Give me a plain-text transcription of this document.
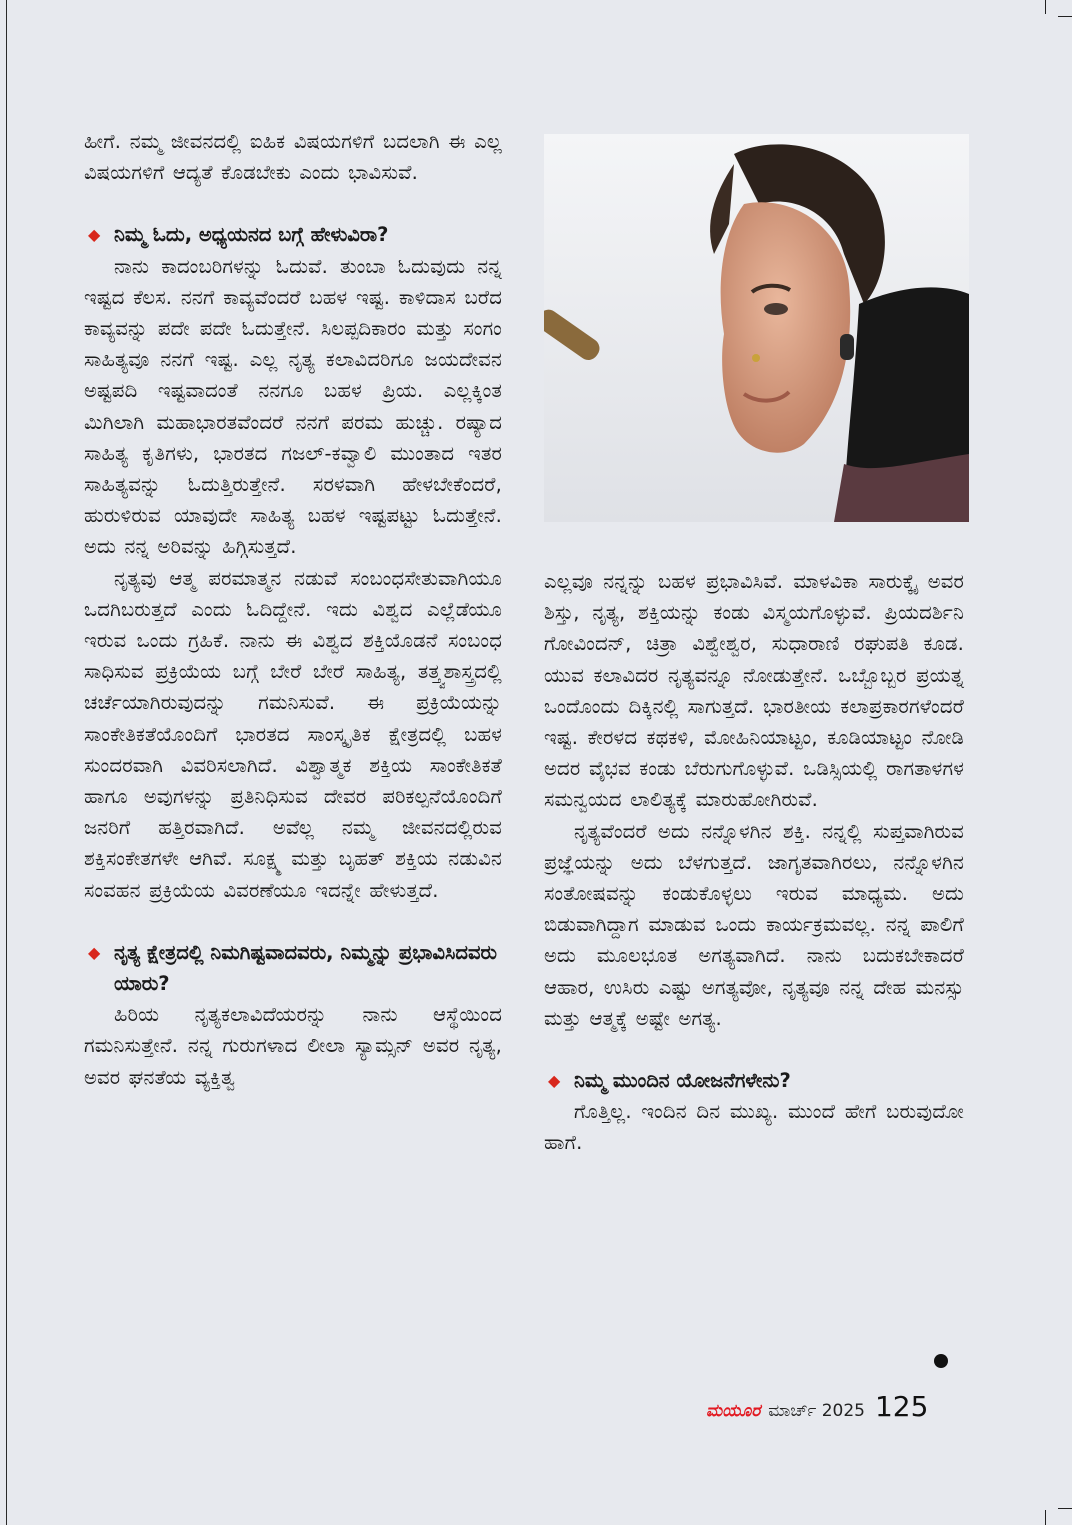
ಹೀಗೆ. ನಮ್ಮ ಜೀವನದಲ್ಲಿ ಐಹಿಕ ವಿಷಯಗಳಿಗೆ ಬದಲಾಗಿ ಈ ಎಲ್ಲ ವಿಷಯಗಳಿಗೆ ಆದ್ಯತೆ ಕೊಡಬೇಕು ಎಂದು ಭಾವಿಸುವೆ.

◆ ನಿಮ್ಮ ಓದು, ಅಧ್ಯಯನದ ಬಗ್ಗೆ ಹೇಳುವಿರಾ?

ನಾನು ಕಾದಂಬರಿಗಳನ್ನು ಓದುವೆ. ತುಂಬಾ ಓದುವುದು ನನ್ನ ಇಷ್ಟದ ಕೆಲಸ. ನನಗೆ ಕಾವ್ಯವೆಂದರೆ ಬಹಳ ಇಷ್ಟ. ಕಾಳಿದಾಸ ಬರೆದ ಕಾವ್ಯವನ್ನು ಪದೇ ಪದೇ ಓದುತ್ತೇನೆ. ಸಿಲಪ್ಪದಿಕಾರಂ ಮತ್ತು ಸಂಗಂ ಸಾಹಿತ್ಯವೂ ನನಗೆ ಇಷ್ಟ. ಎಲ್ಲ ನೃತ್ಯ ಕಲಾವಿದರಿಗೂ ಜಯದೇವನ ಅಷ್ಟಪದಿ ಇಷ್ಟವಾದಂತೆ ನನಗೂ ಬಹಳ ಪ್ರಿಯ. ಎಲ್ಲಕ್ಕಿಂತ ಮಿಗಿಲಾಗಿ ಮಹಾಭಾರತವೆಂದರೆ ನನಗೆ ಪರಮ ಹುಚ್ಚು. ರಷ್ಯಾದ ಸಾಹಿತ್ಯ ಕೃತಿಗಳು, ಭಾರತದ ಗಜಲ್‌-ಕವ್ವಾಲಿ ಮುಂತಾದ ಇತರ ಸಾಹಿತ್ಯವನ್ನು ಓದುತ್ತಿರುತ್ತೇನೆ. ಸರಳವಾಗಿ ಹೇಳಬೇಕೆಂದರೆ, ಹುರುಳಿರುವ ಯಾವುದೇ ಸಾಹಿತ್ಯ ಬಹಳ ಇಷ್ಟಪಟ್ಟು ಓದುತ್ತೇನೆ. ಅದು ನನ್ನ ಅರಿವನ್ನು ಹಿಗ್ಗಿಸುತ್ತದೆ.

ನೃತ್ಯವು ಆತ್ಮ ಪರಮಾತ್ಮನ ನಡುವೆ ಸಂಬಂಧಸೇತುವಾಗಿಯೂ ಒದಗಿಬರುತ್ತದೆ ಎಂದು ಓದಿದ್ದೇನೆ. ಇದು ವಿಶ್ವದ ಎಲ್ಲೆಡೆಯೂ ಇರುವ ಒಂದು ಗ್ರಹಿಕೆ. ನಾನು ಈ ವಿಶ್ವದ ಶಕ್ತಿಯೊಡನೆ ಸಂಬಂಧ ಸಾಧಿಸುವ ಪ್ರಕ್ರಿಯೆಯ ಬಗ್ಗೆ ಬೇರೆ ಬೇರೆ ಸಾಹಿತ್ಯ, ತತ್ತ್ವಶಾಸ್ತ್ರದಲ್ಲಿ ಚರ್ಚೆಯಾಗಿರುವುದನ್ನು ಗಮನಿಸುವೆ. ಈ ಪ್ರಕ್ರಿಯೆಯನ್ನು ಸಾಂಕೇತಿಕತೆಯೊಂದಿಗೆ ಭಾರತದ ಸಾಂಸ್ಕೃತಿಕ ಕ್ಷೇತ್ರದಲ್ಲಿ ಬಹಳ ಸುಂದರವಾಗಿ ವಿವರಿಸಲಾಗಿದೆ. ವಿಶ್ವಾತ್ಮಕ ಶಕ್ತಿಯ ಸಾಂಕೇತಿಕತೆ ಹಾಗೂ ಅವುಗಳನ್ನು ಪ್ರತಿನಿಧಿಸುವ ದೇವರ ಪರಿಕಲ್ಪನೆಯೊಂದಿಗೆ ಜನರಿಗೆ ಹತ್ತಿರವಾಗಿದೆ. ಅವೆಲ್ಲ ನಮ್ಮ ಜೀವನದಲ್ಲಿರುವ ಶಕ್ತಿಸಂಕೇತಗಳೇ ಆಗಿವೆ. ಸೂಕ್ಷ್ಮ ಮತ್ತು ಬೃಹತ್‌ ಶಕ್ತಿಯ ನಡುವಿನ ಸಂವಹನ ಪ್ರಕ್ರಿಯೆಯ ವಿವರಣೆಯೂ ಇದನ್ನೇ ಹೇಳುತ್ತದೆ.

◆ ನೃತ್ಯ ಕ್ಷೇತ್ರದಲ್ಲಿ ನಿಮಗಿಷ್ಟವಾದವರು, ನಿಮ್ಮನ್ನು ಪ್ರಭಾವಿಸಿದವರು ಯಾರು?

ಹಿರಿಯ ನೃತ್ಯಕಲಾವಿದೆಯರನ್ನು ನಾನು ಆಸ್ಥೆಯಿಂದ ಗಮನಿಸುತ್ತೇನೆ. ನನ್ನ ಗುರುಗಳಾದ ಲೀಲಾ ಸ್ಯಾಮ್ಸನ್‌ ಅವರ ನೃತ್ಯ, ಅವರ ಘನತೆಯ ವ್ಯಕ್ತಿತ್ವ

ಎಲ್ಲವೂ ನನ್ನನ್ನು ಬಹಳ ಪ್ರಭಾವಿಸಿವೆ. ಮಾಳವಿಕಾ ಸಾರುಕ್ಕೈ ಅವರ ಶಿಸ್ತು, ನೃತ್ಯ, ಶಕ್ತಿಯನ್ನು ಕಂಡು ವಿಸ್ಮಯಗೊಳ್ಳುವೆ. ಪ್ರಿಯದರ್ಶಿನಿ ಗೋವಿಂದನ್‌, ಚಿತ್ರಾ ವಿಶ್ವೇಶ್ವರ, ಸುಧಾರಾಣಿ ರಘುಪತಿ ಕೂಡ. ಯುವ ಕಲಾವಿದರ ನೃತ್ಯವನ್ನೂ ನೋಡುತ್ತೇನೆ. ಒಬ್ಬೊಬ್ಬರ ಪ್ರಯತ್ನ ಒಂದೊಂದು ದಿಕ್ಕಿನಲ್ಲಿ ಸಾಗುತ್ತದೆ. ಭಾರತೀಯ ಕಲಾಪ್ರಕಾರಗಳೆಂದರೆ ಇಷ್ಟ. ಕೇರಳದ ಕಥಕಳಿ, ಮೋಹಿನಿಯಾಟ್ಟಂ, ಕೂಡಿಯಾಟ್ಟಂ ನೋಡಿ ಅದರ ವೈಭವ ಕಂಡು ಬೆರುಗುಗೊಳ್ಳುವೆ. ಒಡಿಸ್ಸಿಯಲ್ಲಿ ರಾಗತಾಳಗಳ ಸಮನ್ವಯದ ಲಾಲಿತ್ಯಕ್ಕೆ ಮಾರುಹೋಗಿರುವೆ.

ನೃತ್ಯವೆಂದರೆ ಅದು ನನ್ನೊಳಗಿನ ಶಕ್ತಿ. ನನ್ನಲ್ಲಿ ಸುಪ್ತವಾಗಿರುವ ಪ್ರಜ್ಞೆಯನ್ನು ಅದು ಬೆಳಗುತ್ತದೆ. ಜಾಗೃತವಾಗಿರಲು, ನನ್ನೊಳಗಿನ ಸಂತೋಷವನ್ನು ಕಂಡುಕೊಳ್ಳಲು ಇರುವ ಮಾಧ್ಯಮ. ಅದು ಬಿಡುವಾಗಿದ್ದಾಗ ಮಾಡುವ ಒಂದು ಕಾರ್ಯಕ್ರಮವಲ್ಲ. ನನ್ನ ಪಾಲಿಗೆ ಅದು ಮೂಲಭೂತ ಅಗತ್ಯವಾಗಿದೆ. ನಾನು ಬದುಕಬೇಕಾದರೆ ಆಹಾರ, ಉಸಿರು ಎಷ್ಟು ಅಗತ್ಯವೋ, ನೃತ್ಯವೂ ನನ್ನ ದೇಹ ಮನಸ್ಸು ಮತ್ತು ಆತ್ಮಕ್ಕೆ ಅಷ್ಟೇ ಅಗತ್ಯ.

◆ ನಿಮ್ಮ ಮುಂದಿನ ಯೋಜನೆಗಳೇನು?

ಗೊತ್ತಿಲ್ಲ. ಇಂದಿನ ದಿನ ಮುಖ್ಯ. ಮುಂದೆ ಹೇಗೆ ಬರುವುದೋ ಹಾಗೆ.

ಮಯೂರ ಮಾರ್ಚ್‌ 2025 125
